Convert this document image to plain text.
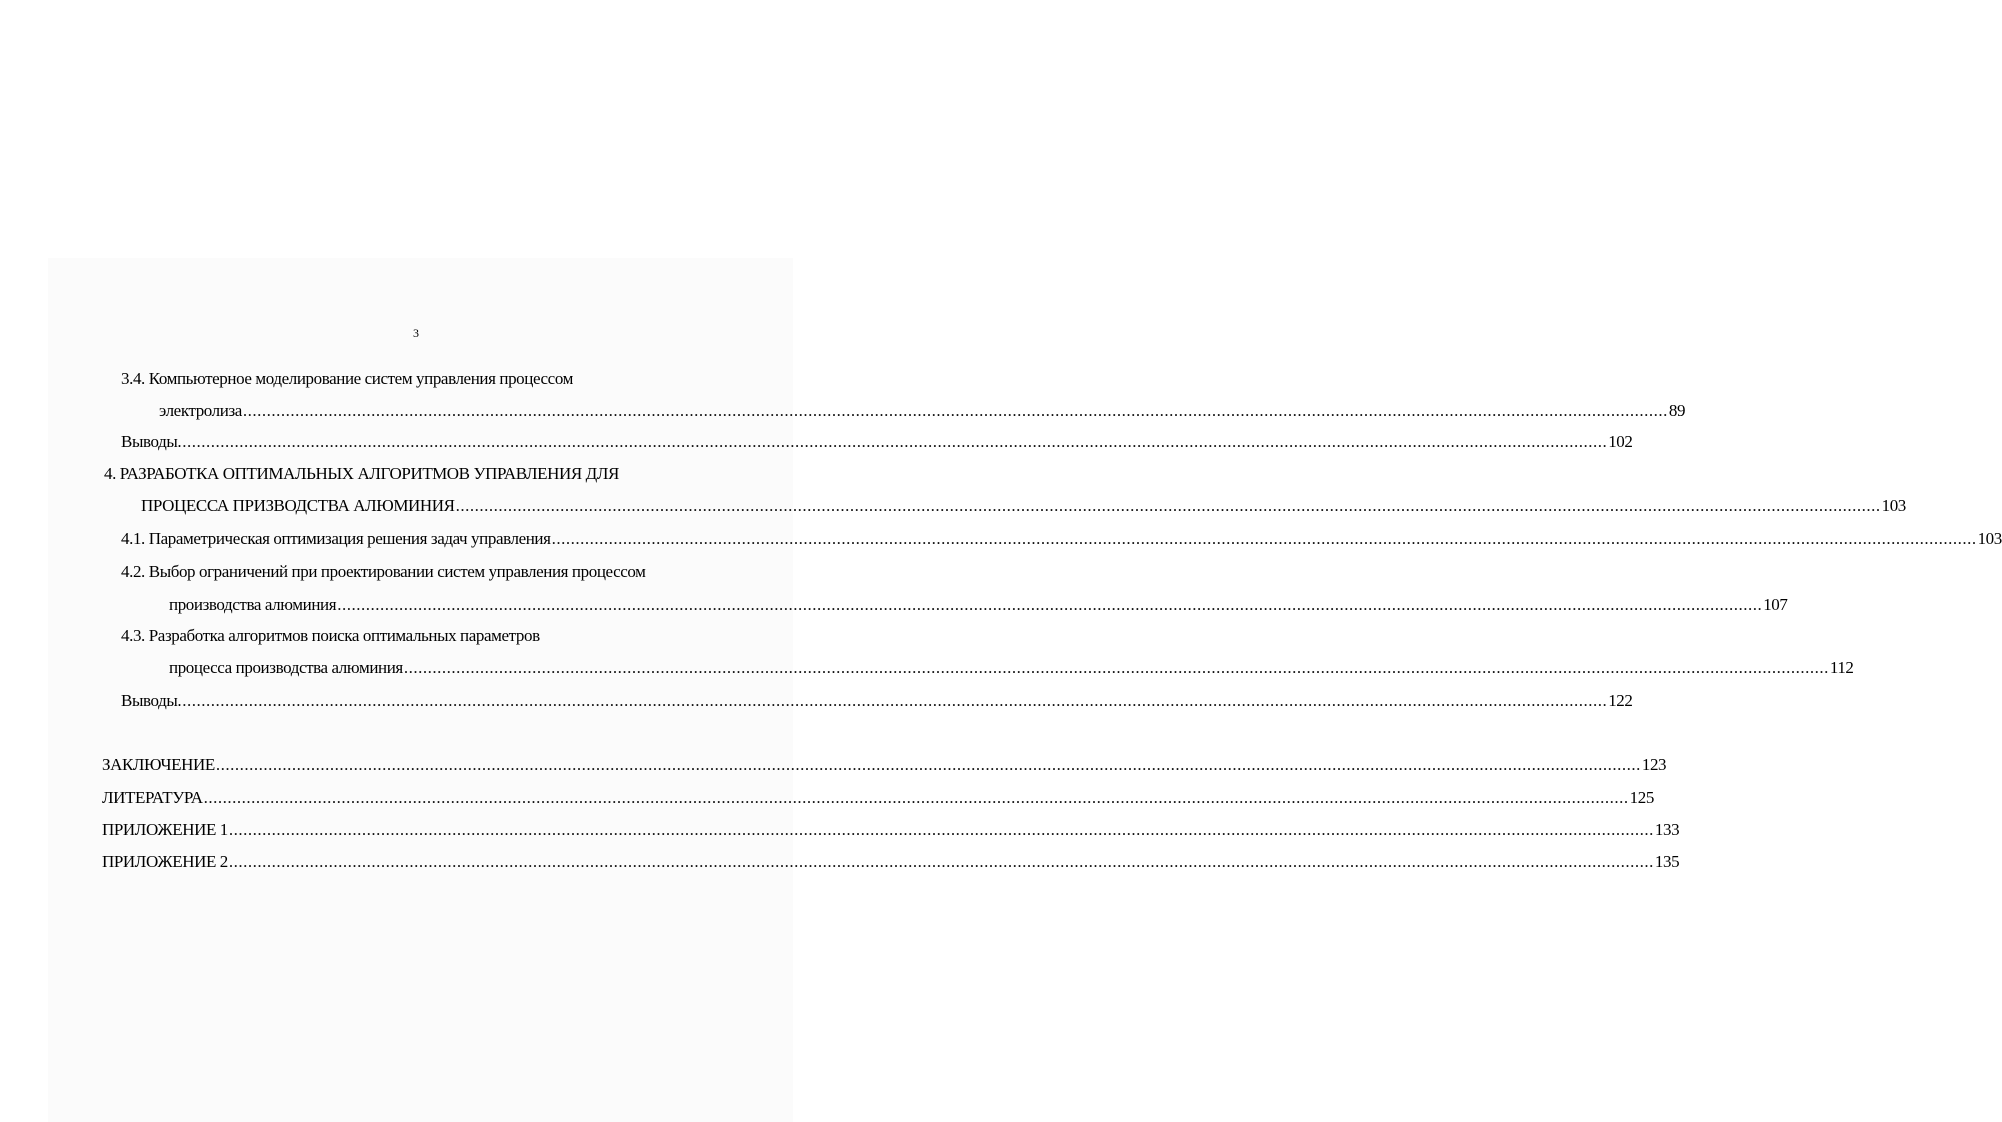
3
3.4. Компьютерное моделирование систем управления процессом
электролиза ............................................................................................................................................................................................................................................................................................................ 89
Выводы. ............................................................................................................................................................................................................................................................................................................ 102
4. РАЗРАБОТКА ОПТИМАЛЬНЫХ АЛГОРИТМОВ УПРАВЛЕНИЯ ДЛЯ
ПРОЦЕССА ПРИЗВОДСТВА АЛЮМИНИЯ ............................................................................................................................................................................................................................................................................................................ 103
4.1. Параметрическая оптимизация решения задач управления ............................................................................................................................................................................................................................................................................................................ 103
4.2. Выбор ограничений при проектировании систем управления процессом
производства алюминия ............................................................................................................................................................................................................................................................................................................ 107
4.3. Разработка алгоритмов поиска оптимальных параметров
процесса производства алюминия ............................................................................................................................................................................................................................................................................................................ 112
Выводы. ............................................................................................................................................................................................................................................................................................................ 122
ЗАКЛЮЧЕНИЕ ............................................................................................................................................................................................................................................................................................................ 123
ЛИТЕРАТУРА ............................................................................................................................................................................................................................................................................................................ 125
ПРИЛОЖЕНИЕ 1 ............................................................................................................................................................................................................................................................................................................ 133
ПРИЛОЖЕНИЕ 2 ............................................................................................................................................................................................................................................................................................................ 135
